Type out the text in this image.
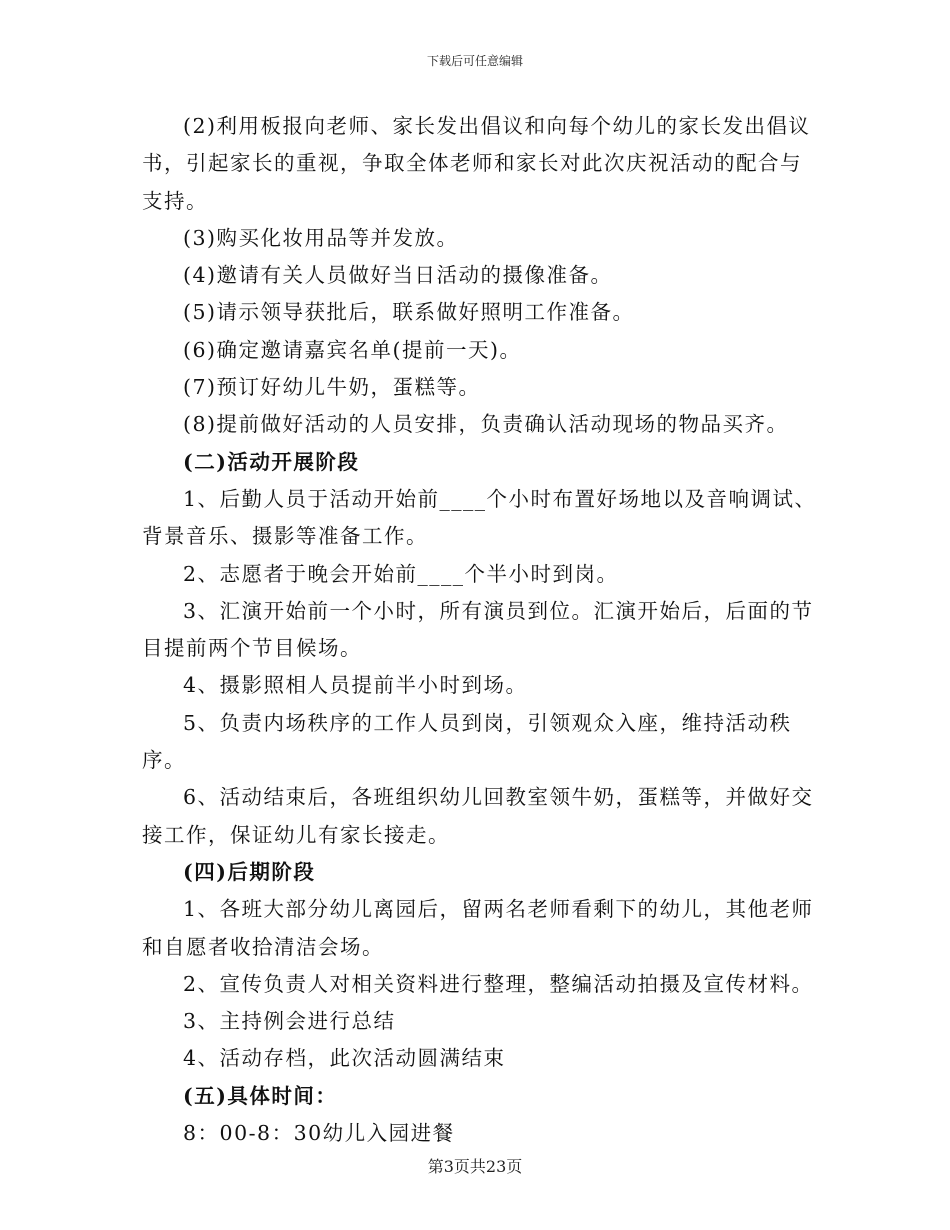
下载后可任意编辑

(2)利用板报向老师、家长发出倡议和向每个幼儿的家长发出倡议书，引起家长的重视，争取全体老师和家长对此次庆祝活动的配合与支持。

(3)购买化妆用品等并发放。

(4)邀请有关人员做好当日活动的摄像准备。

(5)请示领导获批后，联系做好照明工作准备。

(6)确定邀请嘉宾名单(提前一天)。

(7)预订好幼儿牛奶，蛋糕等。

(8)提前做好活动的人员安排，负责确认活动现场的物品买齐。

(二)活动开展阶段

1、后勤人员于活动开始前____个小时布置好场地以及音响调试、背景音乐、摄影等准备工作。

2、志愿者于晚会开始前____个半小时到岗。

3、汇演开始前一个小时，所有演员到位。汇演开始后，后面的节目提前两个节目候场。

4、摄影照相人员提前半小时到场。

5、负责内场秩序的工作人员到岗，引领观众入座，维持活动秩序。

6、活动结束后，各班组织幼儿回教室领牛奶，蛋糕等，并做好交接工作，保证幼儿有家长接走。

(四)后期阶段

1、各班大部分幼儿离园后，留两名老师看剩下的幼儿，其他老师和自愿者收拾清洁会场。

2、宣传负责人对相关资料进行整理，整编活动拍摄及宣传材料。

3、主持例会进行总结

4、活动存档，此次活动圆满结束

(五)具体时间：

8：00-8：30幼儿入园进餐

第3页共23页
